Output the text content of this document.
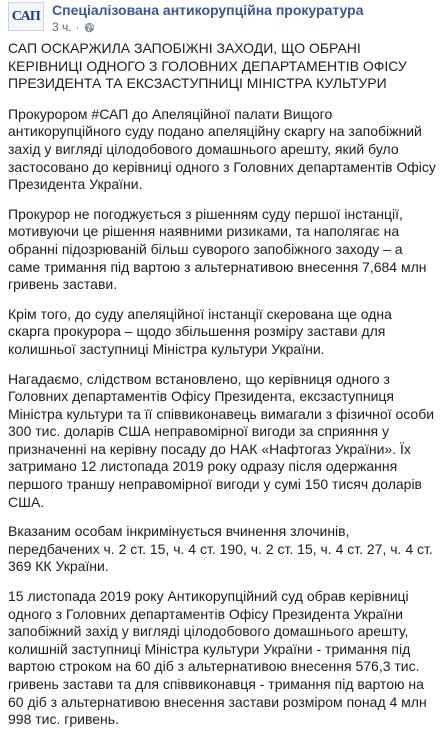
САП Спеціалізована антикорупційна прокуратура
3 ч. ·

САП ОСКАРЖИЛА ЗАПОБІЖНІ ЗАХОДИ, ЩО ОБРАНІ КЕРІВНИЦІ ОДНОГО З ГОЛОВНИХ ДЕПАРТАМЕНТІВ ОФІСУ ПРЕЗИДЕНТА ТА ЕКСЗАСТУПНИЦІ МІНІСТРА КУЛЬТУРИ

Прокурором #САП до Апеляційної палати Вищого антикорупційного суду подано апеляційну скаргу на запобіжний захід у вигляді цілодобового домашнього арешту, який було застосовано до керівниці одного з Головних департаментів Офісу Президента України.

Прокурор не погоджується з рішенням суду першої інстанції, мотивуючи це рішення наявними ризиками, та наполягає на обранні підозрюваній більш суворого запобіжного заходу – а саме тримання під вартою з альтернативою внесення 7,684 млн гривень застави.

Крім того, до суду апеляційної інстанції скерована ще одна скарга прокурора – щодо збільшення розміру застави для колишньої заступниці Міністра культури України.

Нагадаємо, слідством встановлено, що керівниця одного з Головних департаментів Офісу Президента, ексзаступниця Міністра культури та її співвиконавець вимагали з фізичної особи 300 тис. доларів США неправомірної вигоди за сприяння у призначенні на керівну посаду до НАК «Нафтогаз України». Їх затримано 12 листопада 2019 року одразу після одержання першого траншу неправомірної вигоди у сумі 150 тисяч доларів США.

Вказаним особам інкримінується вчинення злочинів, передбачених ч. 2 ст. 15, ч. 4 ст. 190, ч. 2 ст. 15, ч. 4 ст. 27, ч. 4 ст. 369 КК України.

15 листопада 2019 року Антикорупційний суд обрав керівниці одного з Головних департаментів Офісу Президента України запобіжний захід у вигляді цілодобового домашнього арешту, колишній заступниці Міністра культури України - тримання під вартою строком на 60 діб з альтернативою внесення 576,3 тис. гривень застави та для співвиконавця - тримання під вартою на 60 діб з альтернативою внесення застави розміром понад 4 млн 998 тис. гривень.
